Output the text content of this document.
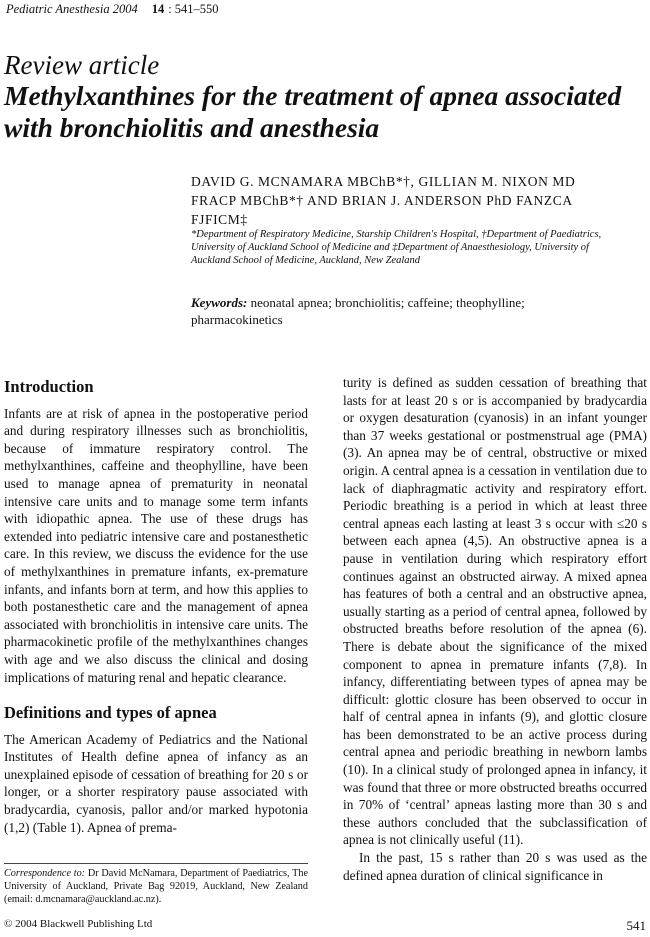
Pediatric Anesthesia 2004 14 : 541–550
Review article
Methylxanthines for the treatment of apnea associated with bronchiolitis and anesthesia
DAVID G. MCNAMARA MBChB*†, GILLIAN M. NIXON MD FRACP MBChB*† AND BRIAN J. ANDERSON PhD FANZCA FJFICM‡
*Department of Respiratory Medicine, Starship Children's Hospital, †Department of Paediatrics, University of Auckland School of Medicine and ‡Department of Anaesthesiology, University of Auckland School of Medicine, Auckland, New Zealand
Keywords: neonatal apnea; bronchiolitis; caffeine; theophylline; pharmacokinetics
Introduction

Infants are at risk of apnea in the postoperative period and during respiratory illnesses such as bronchiolitis, because of immature respiratory control. The methylxanthines, caffeine and theophylline, have been used to manage apnea of prematurity in neonatal intensive care units and to manage some term infants with idiopathic apnea. The use of these drugs has extended into pediatric intensive care and postanesthetic care. In this review, we discuss the evidence for the use of methylxanthines in premature infants, ex-premature infants, and infants born at term, and how this applies to both postanesthetic care and the management of apnea associated with bronchiolitis in intensive care units. The pharmacokinetic profile of the methylxanthines changes with age and we also discuss the clinical and dosing implications of maturing renal and hepatic clearance.

Definitions and types of apnea

The American Academy of Pediatrics and the National Institutes of Health define apnea of infancy as an unexplained episode of cessation of breathing for 20 s or longer, or a shorter respiratory pause associated with bradycardia, cyanosis, pallor and/or marked hypotonia (1,2) (Table 1). Apnea of prema-

turity is defined as sudden cessation of breathing that lasts for at least 20 s or is accompanied by bradycardia or oxygen desaturation (cyanosis) in an infant younger than 37 weeks gestational or postmenstrual age (PMA) (3). An apnea may be of central, obstructive or mixed origin. A central apnea is a cessation in ventilation due to lack of diaphragmatic activity and respiratory effort. Periodic breathing is a period in which at least three central apneas each lasting at least 3 s occur with ≤20 s between each apnea (4,5). An obstructive apnea is a pause in ventilation during which respiratory effort continues against an obstructed airway. A mixed apnea has features of both a central and an obstructive apnea, usually starting as a period of central apnea, followed by obstructed breaths before resolution of the apnea (6). There is debate about the significance of the mixed component to apnea in premature infants (7,8). In infancy, differentiating between types of apnea may be difficult: glottic closure has been observed to occur in half of central apnea in infants (9), and glottic closure has been demonstrated to be an active process during central apnea and periodic breathing in newborn lambs (10). In a clinical study of prolonged apnea in infancy, it was found that three or more obstructed breaths occurred in 70% of ‘central’ apneas lasting more than 30 s and these authors concluded that the subclassification of apnea is not clinically useful (11).

In the past, 15 s rather than 20 s was used as the defined apnea duration of clinical significance in

Correspondence to: Dr David McNamara, Department of Paediatrics, The University of Auckland, Private Bag 92019, Auckland, New Zealand (email: d.mcnamara@auckland.ac.nz).
© 2004 Blackwell Publishing Ltd	541
